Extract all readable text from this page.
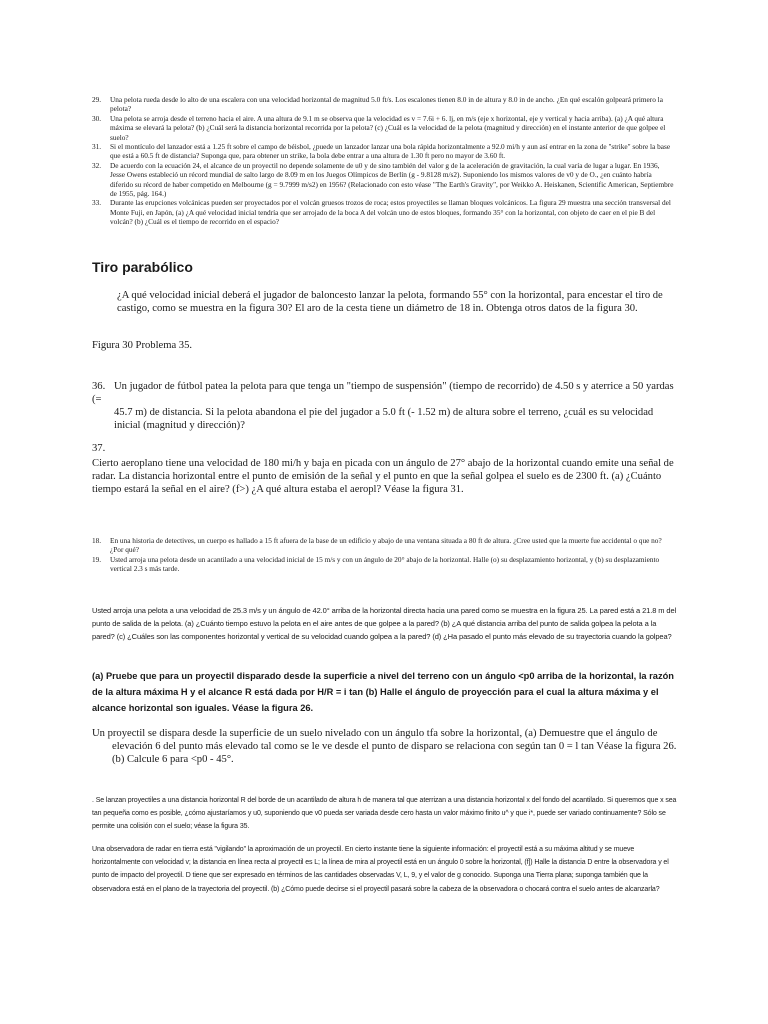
29.	Una pelota rueda desde lo alto de una escalera con una velocidad horizontal de magnitud 5.0 ft/s. Los escalones tienen 8.0 in de altura y 8.0 in de ancho. ¿En qué escalón golpeará primero la pelota?
30.	Una pelota se arroja desde el terreno hacia el aire. A una altura de 9.1 m se observa que la velocidad es v = 7.6i + 6. lj, en m/s (eje x horizontal, eje y vertical y hacia arriba). (a) ¿A qué altura máxima se elevará la pelota? (b) ¿Cuál será la distancia horizontal recorrida por la pelota? (c) ¿Cuál es la velocidad de la pelota (magnitud y dirección) en el instante anterior de que golpee el suelo?
31.	Si el montículo del lanzador está a 1.25 ft sobre el campo de béisbol, ¿puede un lanzador lanzar una bola rápida horizontalmente a 92.0 mi/h y aun así entrar en la zona de "strike" sobre la base que está a 60.5 ft de distancia? Suponga que, para obtener un strike, la bola debe entrar a una altura de 1.30 ft pero no mayor de 3.60 ft.
32.	De acuerdo con la ecuación 24, el alcance de un proyectil no depende solamente de u0 y de sino también del valor g de la aceleración de gravitación, la cual varía de lugar a lugar. En 1936, Jesse Owens estableció un récord mundial de salto largo de 8.09 m en los Juegos Olímpicos de Berlín (g - 9.8128 m/s2). Suponiendo los mismos valores de v0 y de O., ¿en cuánto habría diferido su récord de haber competido en Melbourne (g = 9.7999 m/s2) en 1956? (Relacionado con esto véase "The Earth's Gravity", por Weikko A. Heiskanen, Scientific American, Septiembre de 1955, pág. 164.)
33.	Durante las erupciones volcánicas pueden ser proyectados por el volcán gruesos trozos de roca; estos proyectiles se llaman bloques volcánicos. La figura 29 muestra una sección transversal del Monte Fuji, en Japón, (a) ¿A qué velocidad inicial tendría que ser arrojado de la boca A del volcán uno de estos bloques, formando 35° con la horizontal, con objeto de caer en el pie B del volcán? (b) ¿Cuál es el tiempo de recorrido en el espacio?
Tiro parabólico
¿A qué velocidad inicial deberá el jugador de baloncesto lanzar la pelota, formando 55° con la horizontal, para encestar el tiro de castigo, como se muestra en la figura 30? El aro de la cesta tiene un diámetro de 18 in. Obtenga otros datos de la figura 30.
Figura 30 Problema 35.
36. Un jugador de fútbol patea la pelota para que tenga un "tiempo de suspensión" (tiempo de recorrido) de 4.50 s y aterrice a 50 yardas (=
45.7 m) de distancia. Si la pelota abandona el pie del jugador a 5.0 ft (- 1.52 m) de altura sobre el terreno, ¿cuál es su velocidad inicial (magnitud y dirección)?
37.
Cierto aeroplano tiene una velocidad de 180 mi/h y baja en picada con un ángulo de 27° abajo de la horizontal cuando emite una señal de radar. La distancia horizontal entre el punto de emisión de la señal y el punto en que la señal golpea el suelo es de 2300 ft. (a) ¿Cuánto tiempo estará la señal en el aire? (f>) ¿A qué altura estaba el aeropl? Véase la figura 31.
18.	En una historia de detectives, un cuerpo es hallado a 15 ft afuera de la base de un edificio y abajo de una ventana situada a 80 ft de altura. ¿Cree usted que la muerte fue accidental o que no? ¿Por qué?
19.	Usted arroja una pelota desde un acantilado a una velocidad inicial de 15 m/s y con un ángulo de 20° abajo de la horizontal. Halle (o) su desplazamiento horizontal, y (b) su desplazamiento vertical 2.3 s más tarde.
Usted arroja una pelota a una velocidad de 25.3 m/s y un ángulo de 42.0° arriba de la horizontal directa hacia una pared como se muestra en la figura 25. La pared está a 21.8 m del punto de salida de la pelota. (a) ¿Cuánto tiempo estuvo la pelota en el aire antes de que golpee a la pared? (b) ¿A qué distancia arriba del punto de salida golpea la pelota a la pared? (c) ¿Cuáles son las componentes horizontal y vertical de su velocidad cuando golpea a la pared? (d) ¿Ha pasado el punto más elevado de su trayectoria cuando la golpea?
(a) Pruebe que para un proyectil disparado desde la superficie a nivel del terreno con un ángulo <p0 arriba de la horizontal, la razón de la altura máxima H y el alcance R está dada por H/R = i tan (b) Halle el ángulo de proyección para el cual la altura máxima y el alcance horizontal son iguales. Véase la figura 26.
Un proyectil se dispara desde la superficie de un suelo nivelado con un ángulo tfa sobre la horizontal, (a) Demuestre que el ángulo de
elevación 6 del punto más elevado tal como se le ve desde el punto de disparo se relaciona con según tan 0 = l tan Véase la figura 26. (b) Calcule 6 para <p0 - 45°.
. Se lanzan proyectiles a una distancia horizontal R del borde de un acantilado de altura h de manera tal que aterrizan a una distancia horizontal x del fondo del acantilado. Si queremos que x sea tan pequeña como es posible, ¿cómo ajustaríamos y u0, suponiendo que v0 pueda ser variada desde cero hasta un valor máximo finito u^ y que i*, puede ser variado continuamente? Sólo se permite una colisión con el suelo; véase la figura 35.
Una observadora de radar en tierra está "vigilando" la aproximación de un proyectil. En cierto instante tiene la siguiente información: el proyectil está a su máxima altitud y se mueve horizontalmente con velocidad v; la distancia en línea recta al proyectil es L; la línea de mira al proyectil está en un ángulo 0 sobre la horizontal, (f]) Halle la distancia D entre la observadora y el punto de impacto del proyectil. D tiene que ser expresado en términos de las cantidades observadas V, L, 9, y el valor de g conocido. Suponga una Tierra plana; suponga también que la observadora está en el plano de la trayectoria del proyectil. (b) ¿Cómo puede decirse si el proyectil pasará sobre la cabeza de la observadora o chocará contra el suelo antes de alcanzarla?
